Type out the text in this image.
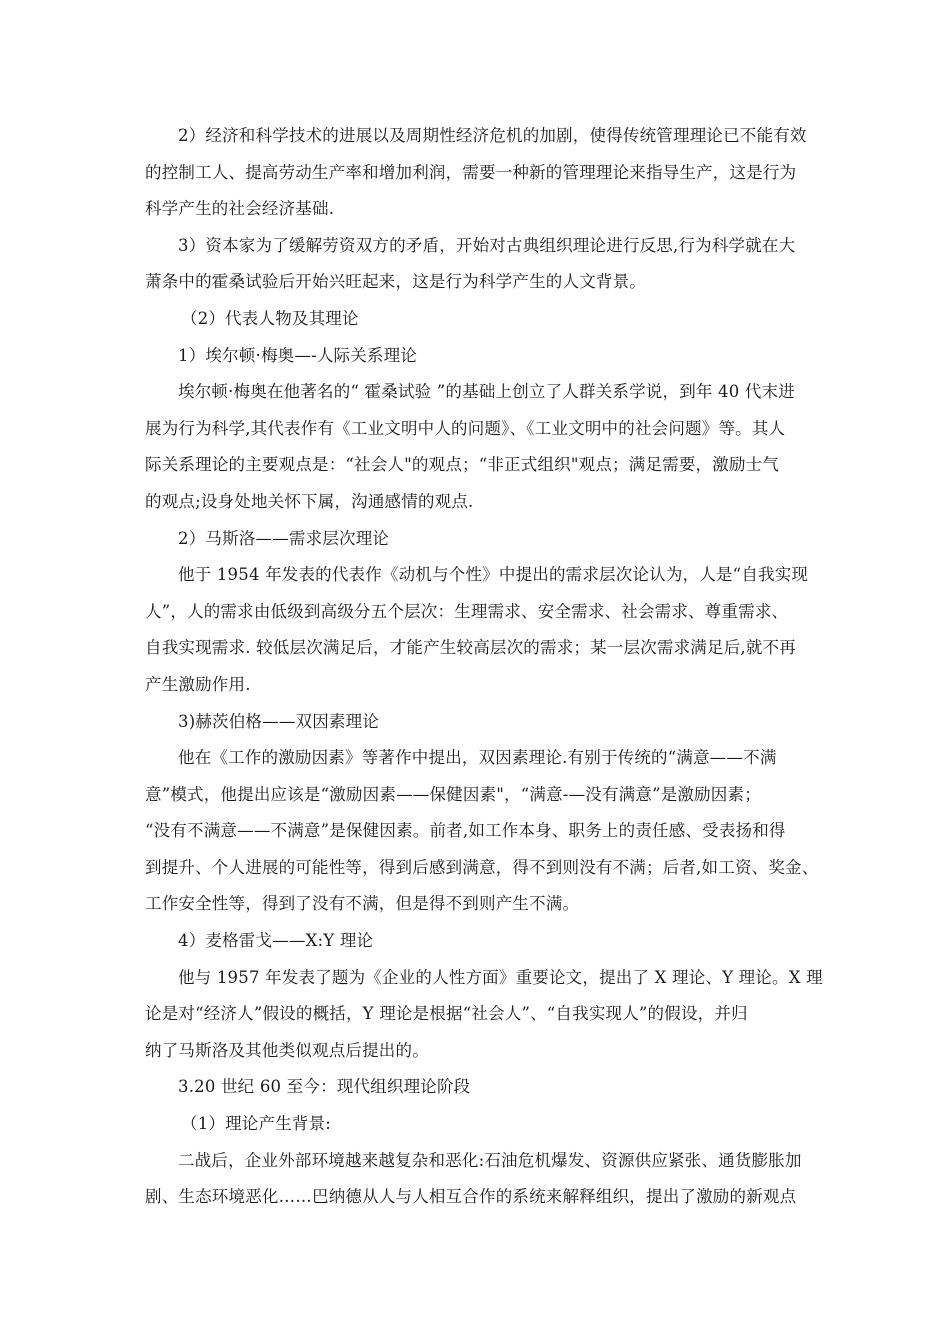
2）经济和科学技术的进展以及周期性经济危机的加剧，使得传统管理理论已不能有效
的控制工人、提高劳动生产率和增加利润，需要一种新的管理理论来指导生产，这是行为
科学产生的社会经济基础.
3）资本家为了缓解劳资双方的矛盾，开始对古典组织理论进行反思,行为科学就在大
萧条中的霍桑试验后开始兴旺起来，这是行为科学产生的人文背景。
（2）代表人物及其理论
1）埃尔顿·梅奥—-人际关系理论
埃尔顿·梅奥在他著名的“ 霍桑试验 ”的基础上创立了人群关系学说，到年 40 代末进
展为行为科学,其代表作有《工业文明中人的问题》、《工业文明中的社会问题》等。其人
际关系理论的主要观点是：“社会人"的观点；“非正式组织"观点；满足需要，激励士气
的观点;设身处地关怀下属，沟通感情的观点.
2）马斯洛——需求层次理论
他于 1954 年发表的代表作《动机与个性》中提出的需求层次论认为，人是“自我实现
人”，人的需求由低级到高级分五个层次：生理需求、安全需求、社会需求、尊重需求、
自我实现需求. 较低层次满足后，才能产生较高层次的需求；某一层次需求满足后,就不再
产生激励作用.
3)赫茨伯格——双因素理论
他在《工作的激励因素》等著作中提出，双因素理论.有别于传统的“满意——不满
意”模式，他提出应该是“激励因素——保健因素"，“满意-—没有满意”是激励因素；
“没有不满意——不满意”是保健因素。前者,如工作本身、职务上的责任感、受表扬和得
到提升、个人进展的可能性等，得到后感到满意，得不到则没有不满；后者,如工资、奖金、
工作安全性等，得到了没有不满，但是得不到则产生不满。
4）麦格雷戈——X:Y 理论
他与 1957 年发表了题为《企业的人性方面》重要论文，提出了 X 理论、Y 理论。X 理
论是对“经济人”假设的概括，Y 理论是根据“社会人”、“自我实现人”的假设，并归
纳了马斯洛及其他类似观点后提出的。
3.20 世纪 60 至今：现代组织理论阶段
（1）理论产生背景:
二战后，企业外部环境越来越复杂和恶化:石油危机爆发、资源供应紧张、通货膨胀加
剧、生态环境恶化……巴纳德从人与人相互合作的系统来解释组织，提出了激励的新观点
